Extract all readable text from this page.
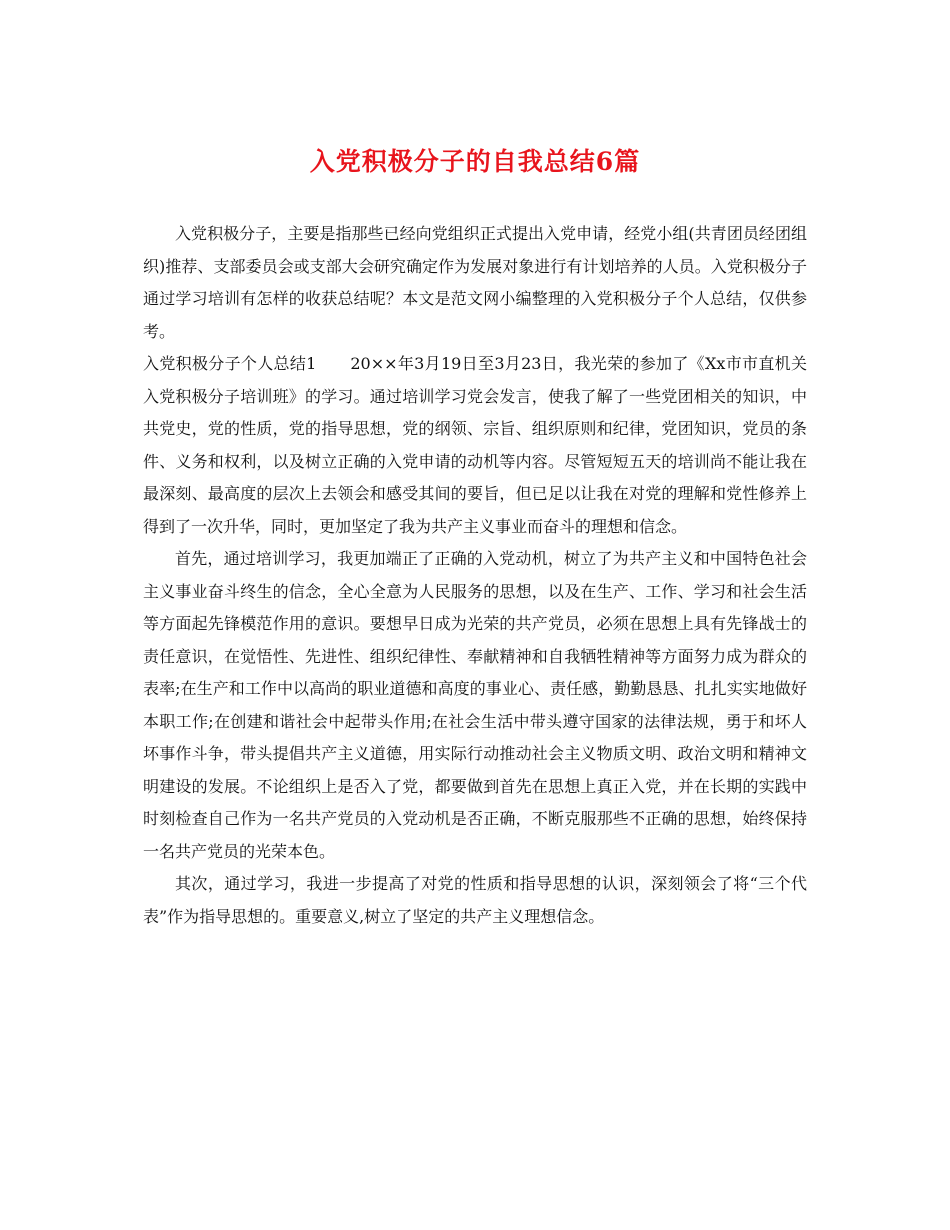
入党积极分子的自我总结6篇

入党积极分子，主要是指那些已经向党组织正式提出入党申请，经党小组(共青团员经团组织)推荐、支部委员会或支部大会研究确定作为发展对象进行有计划培养的人员。入党积极分子通过学习培训有怎样的收获总结呢？本文是范文网小编整理的入党积极分子个人总结，仅供参考。

入党积极分子个人总结1 20××年3月19日至3月23日，我光荣的参加了《Xx市市直机关入党积极分子培训班》的学习。通过培训学习党会发言，使我了解了一些党团相关的知识，中共党史，党的性质，党的指导思想，党的纲领、宗旨、组织原则和纪律，党团知识，党员的条件、义务和权利，以及树立正确的入党申请的动机等内容。尽管短短五天的培训尚不能让我在最深刻、最高度的层次上去领会和感受其间的要旨，但已足以让我在对党的理解和党性修养上得到了一次升华，同时，更加坚定了我为共产主义事业而奋斗的理想和信念。

首先，通过培训学习，我更加端正了正确的入党动机，树立了为共产主义和中国特色社会主义事业奋斗终生的信念，全心全意为人民服务的思想，以及在生产、工作、学习和社会生活等方面起先锋模范作用的意识。要想早日成为光荣的共产党员，必须在思想上具有先锋战士的责任意识，在觉悟性、先进性、组织纪律性、奉献精神和自我牺牲精神等方面努力成为群众的表率;在生产和工作中以高尚的职业道德和高度的事业心、责任感，勤勤恳恳、扎扎实实地做好本职工作;在创建和谐社会中起带头作用;在社会生活中带头遵守国家的法律法规，勇于和坏人坏事作斗争，带头提倡共产主义道德，用实际行动推动社会主义物质文明、政治文明和精神文明建设的发展。不论组织上是否入了党，都要做到首先在思想上真正入党，并在长期的实践中时刻检查自己作为一名共产党员的入党动机是否正确，不断克服那些不正确的思想，始终保持一名共产党员的光荣本色。

其次，通过学习，我进一步提高了对党的性质和指导思想的认识，深刻领会了将“三个代表”作为指导思想的。重要意义,树立了坚定的共产主义理想信念。
